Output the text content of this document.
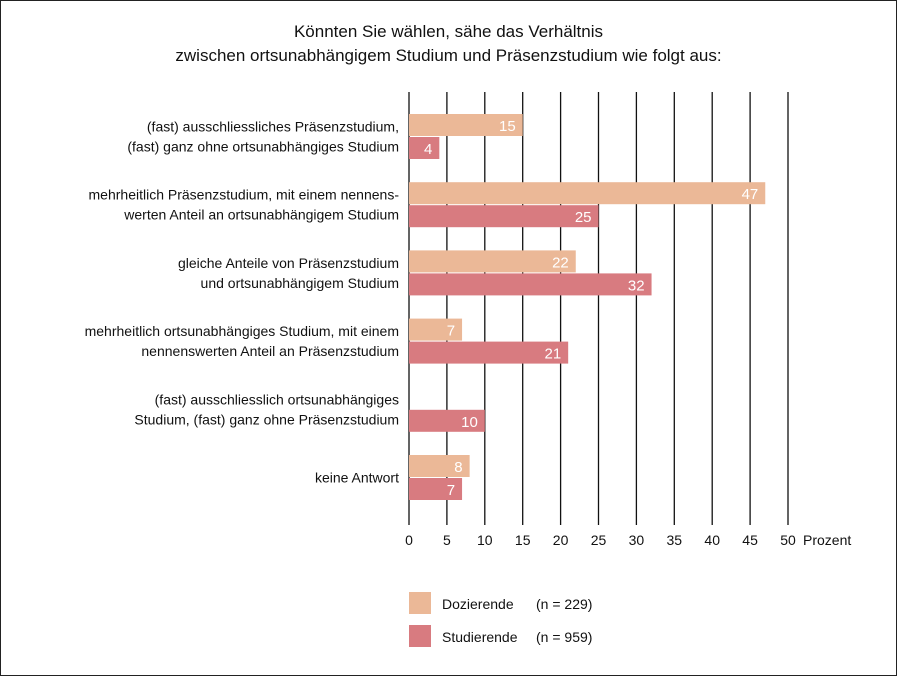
Könnten Sie wählen, sähe das Verhältnis
zwischen ortsunabhängigem Studium und Präsenzstudium wie folgt aus:
15
4
(fast) ausschliessliches Präsenzstudium,
(fast) ganz ohne ortsunabhängiges Studium
47
25
mehrheitlich Präsenzstudium, mit einem nennens-
werten Anteil an ortsunabhängigem Studium
22
32
gleiche Anteile von Präsenzstudium
und ortsunabhängigem Studium
7
21
mehrheitlich ortsunabhängiges Studium, mit einem
nennenswerten Anteil an Präsenzstudium
10
(fast) ausschliesslich ortsunabhängiges
Studium, (fast) ganz ohne Präsenzstudium
8
7
keine Antwort
0 5 10 15 20 25 30 35 40 45 50 Prozent
Dozierende (n = 229)
Studierende (n = 959)
